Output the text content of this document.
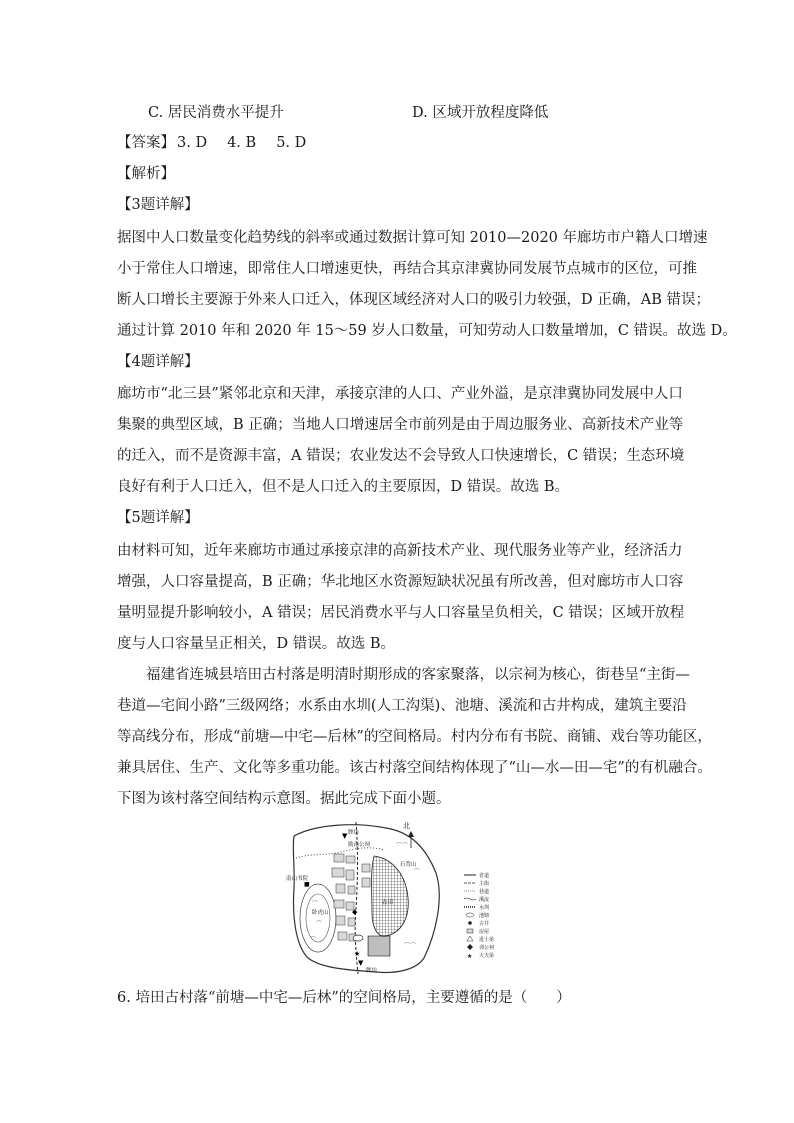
C. 居民消费水平提升	D. 区域开放程度降低
【答案】 3. D 4. B 5. D
【解析】
【3题详解】
据图中人口数量变化趋势线的斜率或通过数据计算可知 2010—2020 年廊坊市户籍人口增速
小于常住人口增速，即常住人口增速更快，再结合其京津冀协同发展节点城市的区位，可推
断人口增长主要源于外来人口迁入，体现区域经济对人口的吸引力较强，D 正确，AB 错误；
通过计算 2010 年和 2020 年 15～59 岁人口数量，可知劳动人口数量增加，C 错误。故选 D。
【4题详解】
廊坊市“北三县”紧邻北京和天津，承接京津的人口、产业外溢，是京津冀协同发展中人口
集聚的典型区域，B 正确；当地人口增速居全市前列是由于周边服务业、高新技术产业等
的迁入，而不是资源丰富，A 错误；农业发达不会导致人口快速增长，C 错误；生态环境
良好有利于人口迁入，但不是人口迁入的主要原因，D 错误。故选 B。
【5题详解】
由材料可知，近年来廊坊市通过承接京津的高新技术产业、现代服务业等产业，经济活力
增强，人口容量提高，B 正确；华北地区水资源短缺状况虽有所改善，但对廊坊市人口容
量明显提升影响较小，A 错误；居民消费水平与人口容量呈负相关，C 错误；区域开放程
度与人口容量呈正相关，D 错误。故选 B。
福建省连城县培田古村落是明清时期形成的客家聚落，以宗祠为核心，街巷呈“主街—
巷道—宅间小路”三级网络；水系由水圳(人工沟渠)、池塘、溪流和古井构成，建筑主要沿
等高线分布，形成“前塘—中宅—后林”的空间格局。村内分布有书院、商铺、戏台等功能区，
兼具居住、生产、文化等多重功能。该古村落空间结构体现了“山—水—田—宅”的有机融合。
下图为该村落空间结构示意图。据此完成下面小题。
▼
▼
◆
★
■
⌒⌒
⌒
⌒
⌒
⌒
⌒⌒
北
牌坊
励南公祠
石背山
南山书院
卧虎山
农田
牌坊
省道
主街
巷道
溪流
水圳
池塘
古井
房屋
进士第
训公祠
★ 大夫第
6. 培田古村落“前塘—中宅—后林”的空间格局，主要遵循的是（　　）
